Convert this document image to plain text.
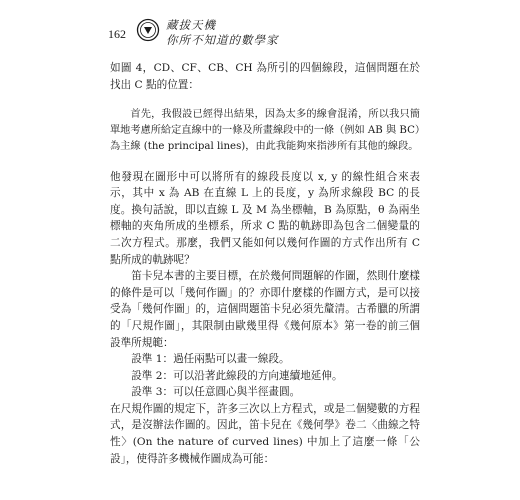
162
藏拔天機
你所不知道的數學家

如圖 4，CD、CF、CB、CH 為所引的四個線段，這個問題在於找出 C 點的位置：

首先，我假設已經得出結果，因為太多的線會混淆，所以我只簡單地考慮所給定直線中的一條及所畫線段中的一條（例如 AB 與 BC）為主線 (the principal lines)，由此我能夠來指涉所有其他的線段。

他發現在圖形中可以將所有的線段長度以 x, y 的線性組合來表示，其中 x 為 AB 在直線 L 上的長度，y 為所求線段 BC 的長度。換句話說，即以直線 L 及 M 為坐標軸，B 為原點，θ 為兩坐標軸的夾角所成的坐標系，所求 C 點的軌跡即為包含二個變量的二次方程式。那麼，我們又能如何以幾何作圖的方式作出所有 C 點所成的軌跡呢？

笛卡兒本書的主要目標，在於幾何問題解的作圖，然則什麼樣的條件是可以「幾何作圖」的？亦即什麼樣的作圖方式，是可以接受為「幾何作圖」的，這個問題笛卡兒必須先釐清。古希臘的所謂的「尺規作圖」，其限制由歐幾里得《幾何原本》第一卷的前三個設準所規範：

設準 1：過任兩點可以畫一線段。

設準 2：可以沿著此線段的方向連續地延伸。

設準 3：可以任意圓心與半徑畫圓。

在尺規作圖的規定下，許多三次以上方程式，或是二個變數的方程式，是沒辦法作圖的。因此，笛卡兒在《幾何學》卷二〈曲線之特性〉(On the nature of curved lines) 中加上了這麼一條「公設」，使得許多機械作圖成為可能：
